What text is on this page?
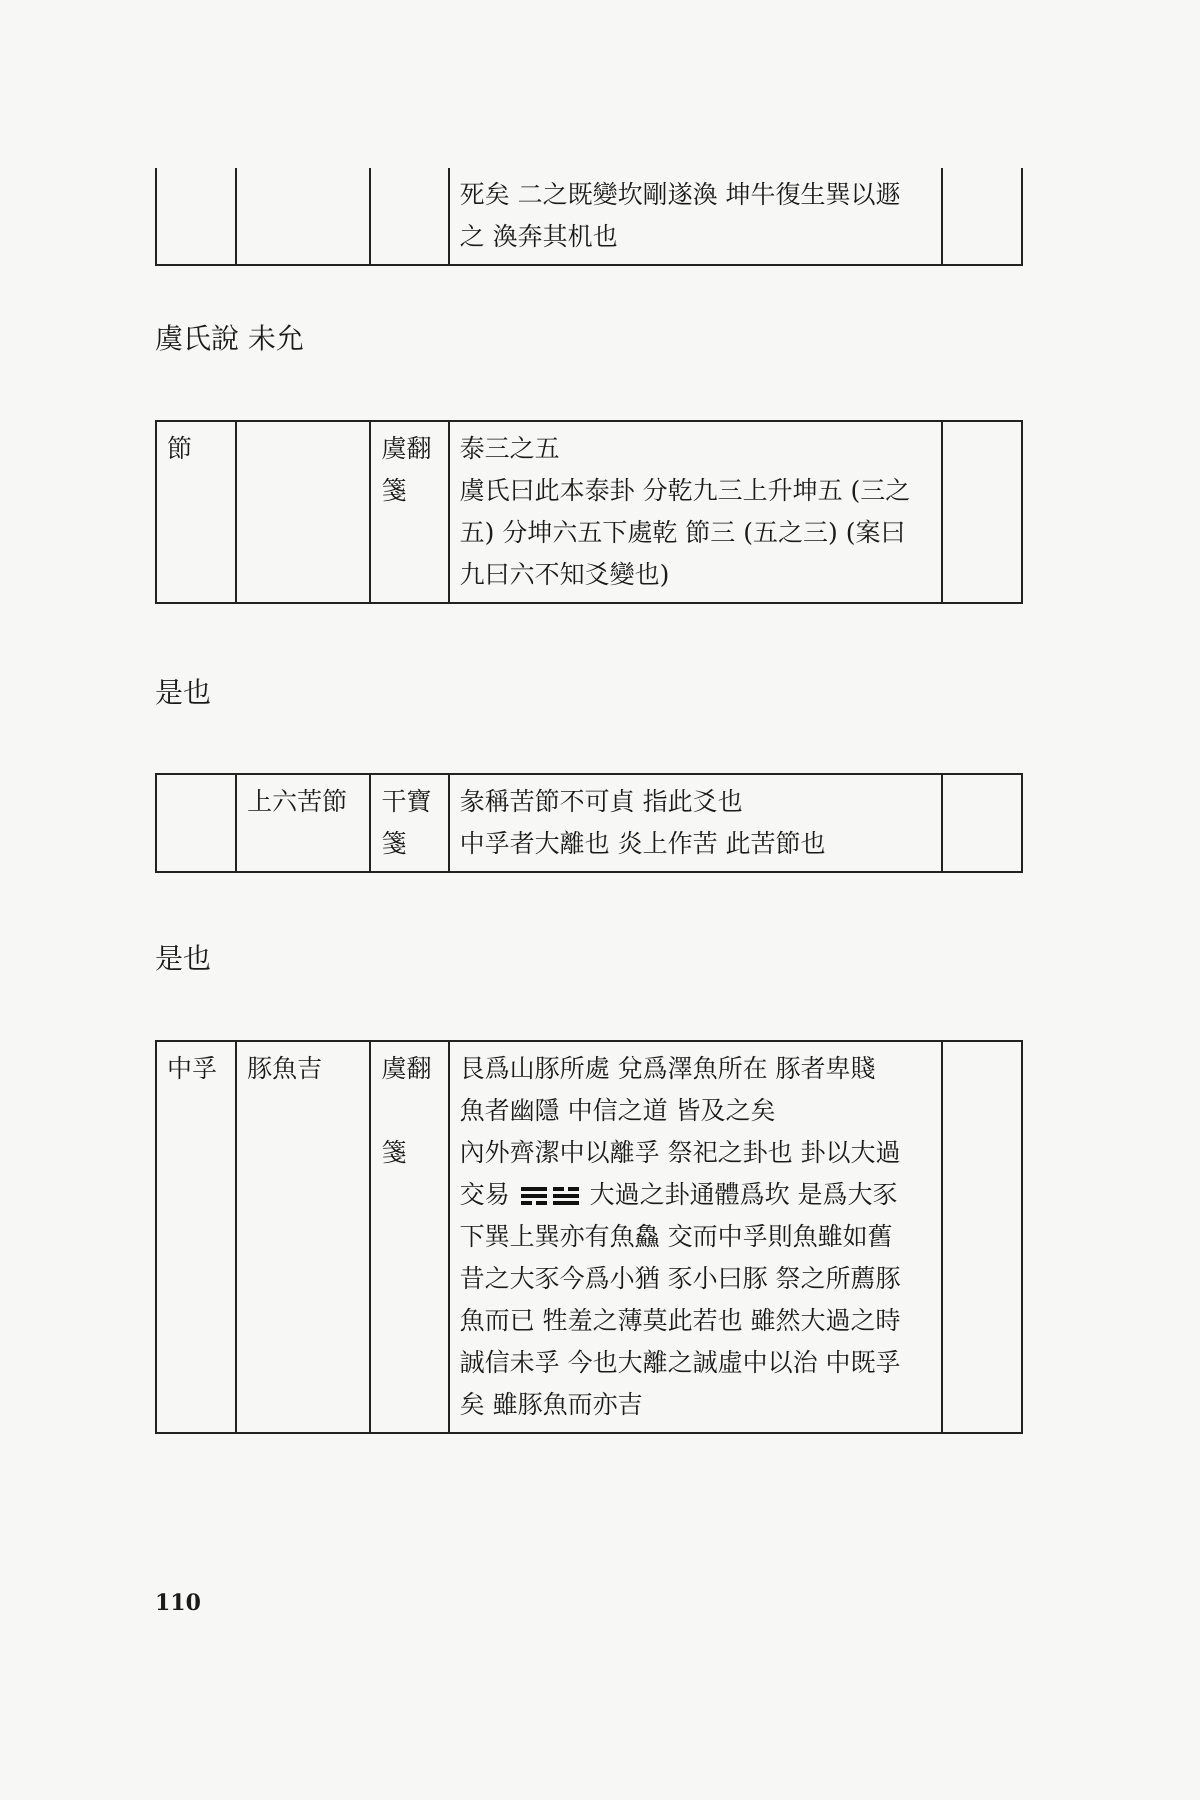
死矣 二之既變坎剛遂渙 坤牛復生巽以遯
之 渙奔其机也

虞氏說 未允

節		虞翻
箋

泰三之五
虞氏曰此本泰卦 分乾九三上升坤五 (三之
五) 分坤六五下處乾 節三 (五之三) (案曰
九曰六不知爻變也)

是也

	上六苦節	干寶
箋

彖稱苦節不可貞 指此爻也
中孚者大離也 炎上作苦 此苦節也

是也

中孚	豚魚吉	虞翻

箋

艮爲山豚所處 兌爲澤魚所在 豚者卑賤
魚者幽隱 中信之道 皆及之矣
內外齊潔中以離孚 祭祀之卦也 卦以大過
交易	大過之卦通體爲坎 是爲大豕
下巽上巽亦有魚鱻 交而中孚則魚雖如舊
昔之大豕今爲小猶 豕小曰豚 祭之所薦豚
魚而已 牲羞之薄莫此若也 雖然大過之時
誠信未孚 今也大離之誠虛中以治 中既孚
矣 雖豚魚而亦吉

110
